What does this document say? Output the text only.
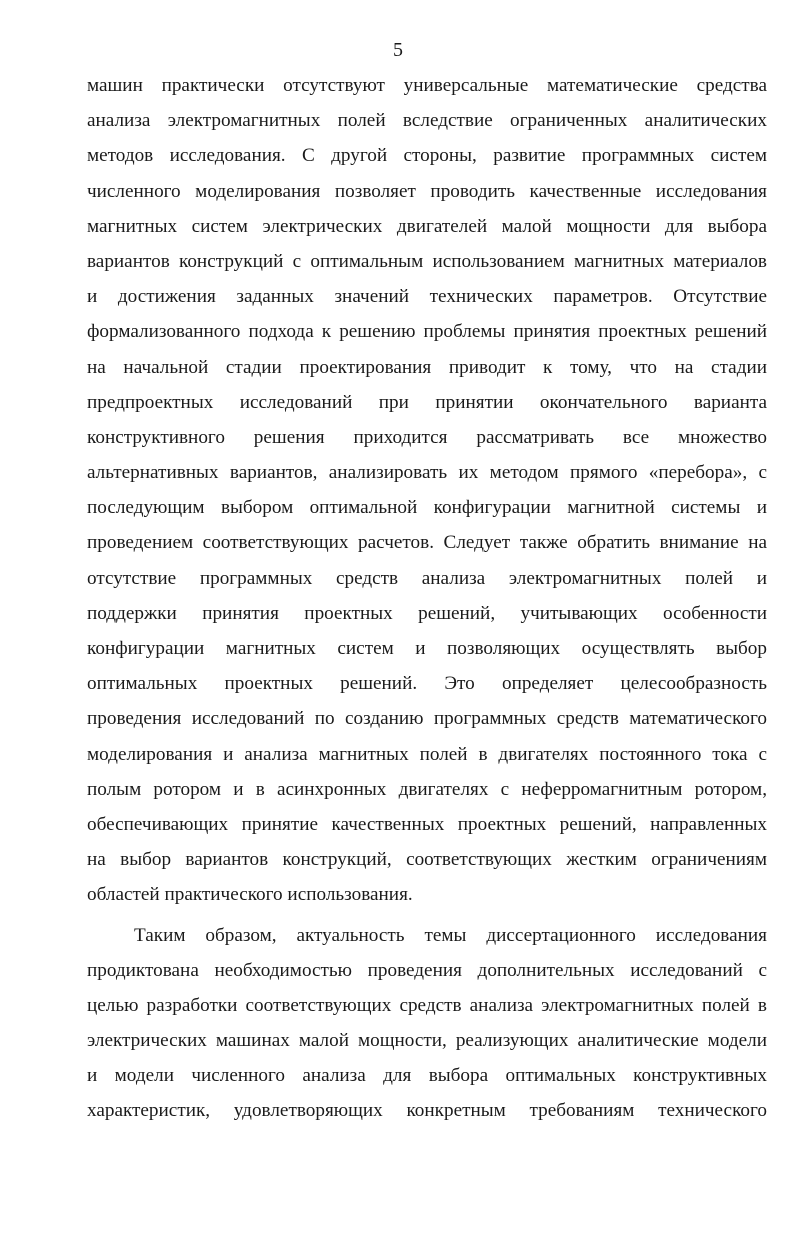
5
машин практически отсутствуют универсальные математические средства
анализа электромагнитных полей вследствие ограниченных аналитических
методов исследования. С другой стороны, развитие программных систем
численного моделирования позволяет проводить качественные исследования
магнитных систем электрических двигателей малой мощности для выбора
вариантов конструкций с оптимальным использованием магнитных материалов
и достижения заданных значений технических параметров. Отсутствие
формализованного подхода к решению проблемы принятия проектных решений
на начальной стадии проектирования приводит к тому, что на стадии
предпроектных исследований при принятии окончательного варианта
конструктивного решения приходится рассматривать все множество
альтернативных вариантов, анализировать их методом прямого «перебора», с
последующим выбором оптимальной конфигурации магнитной системы и
проведением соответствующих расчетов. Следует также обратить внимание на
отсутствие программных средств анализа электромагнитных полей и
поддержки принятия проектных решений, учитывающих особенности
конфигурации магнитных систем и позволяющих осуществлять выбор
оптимальных проектных решений. Это определяет целесообразность
проведения исследований по созданию программных средств математического
моделирования и анализа магнитных полей в двигателях постоянного тока с
полым ротором и в асинхронных двигателях с неферромагнитным ротором,
обеспечивающих принятие качественных проектных решений, направленных
на выбор вариантов конструкций, соответствующих жестким ограничениям
областей практического использования.
Таким образом, актуальность темы диссертационного исследования
продиктована необходимостью проведения дополнительных исследований с
целью разработки соответствующих средств анализа электромагнитных полей в
электрических машинах малой мощности, реализующих аналитические модели
и модели численного анализа для выбора оптимальных конструктивных
характеристик, удовлетворяющих конкретным требованиям технического
